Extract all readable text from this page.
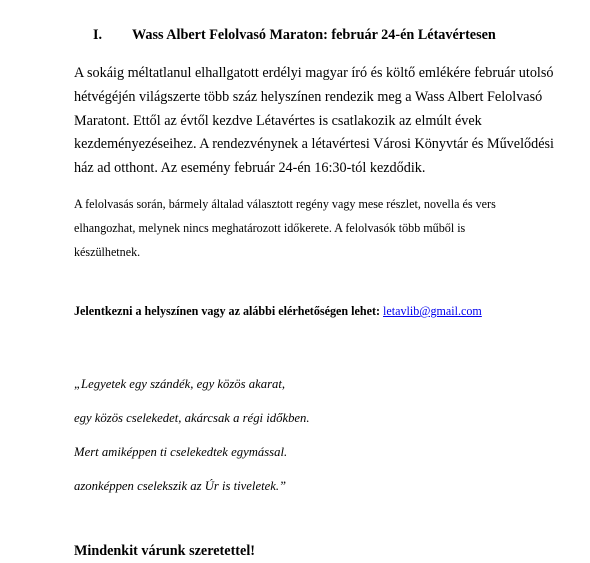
I. Wass Albert Felolvasó Maraton: február 24-én Létavértesen

A sokáig méltatlanul elhallgatott erdélyi magyar író és költő emlékére február utolsó
hétvégéjén világszerte több száz helyszínen rendezik meg a Wass Albert Felolvasó
Maratont. Ettől az évtől kezdve Létavértes is csatlakozik az elmúlt évek
kezdeményezéseihez. A rendezvénynek a létavértesi Városi Könyvtár és Művelődési
ház ad otthont. Az esemény február 24-én 16:30-tól kezdődik.

A felolvasás során, bármely általad választott regény vagy mese részlet, novella és vers
elhangozhat, melynek nincs meghatározott időkerete. A felolvasók több műből is
készülhetnek.

Jelentkezni a helyszínen vagy az alábbi elérhetőségen lehet: letavlib@gmail.com

„Legyetek egy szándék, egy közös akarat,
egy közös cselekedet, akárcsak a régi időkben.
Mert amiképpen ti cselekedtek egymással.
azonképpen cselekszik az Úr is tiveletek.”

Mindenkit várunk szeretettel!
